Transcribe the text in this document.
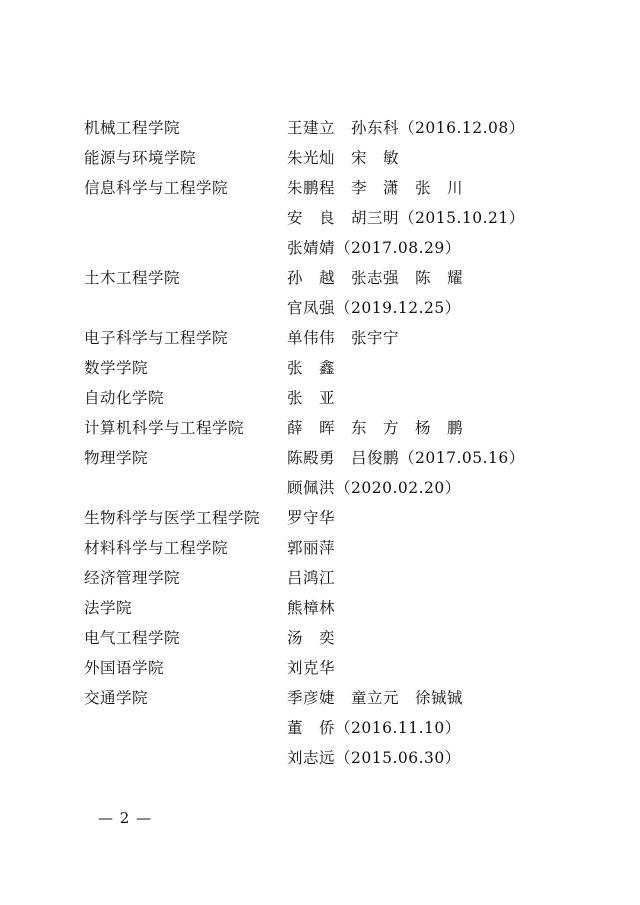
机械工程学院	王建立　孙东科（2016.12.08）
能源与环境学院	朱光灿　宋　敏
信息科学与工程学院	朱鹏程　李　潇　张　川
安　良　胡三明（2015.10.21）
张婧婧（2017.08.29）
土木工程学院	孙　越　张志强　陈　耀
官凤强（2019.12.25）
电子科学与工程学院	单伟伟　张宇宁
数学学院	张　鑫
自动化学院	张　亚
计算机科学与工程学院	薛　晖　东　方　杨　鹏
物理学院	陈殿勇　吕俊鹏（2017.05.16）
顾佩洪（2020.02.20）
生物科学与医学工程学院 罗守华
材料科学与工程学院	郭丽萍
经济管理学院	吕鸿江
法学院	熊樟林
电气工程学院	汤　奕
外国语学院	刘克华
交通学院	季彦婕　童立元　徐铖铖
董　侨（2016.11.10）
刘志远（2015.06.30）
— 2 —
